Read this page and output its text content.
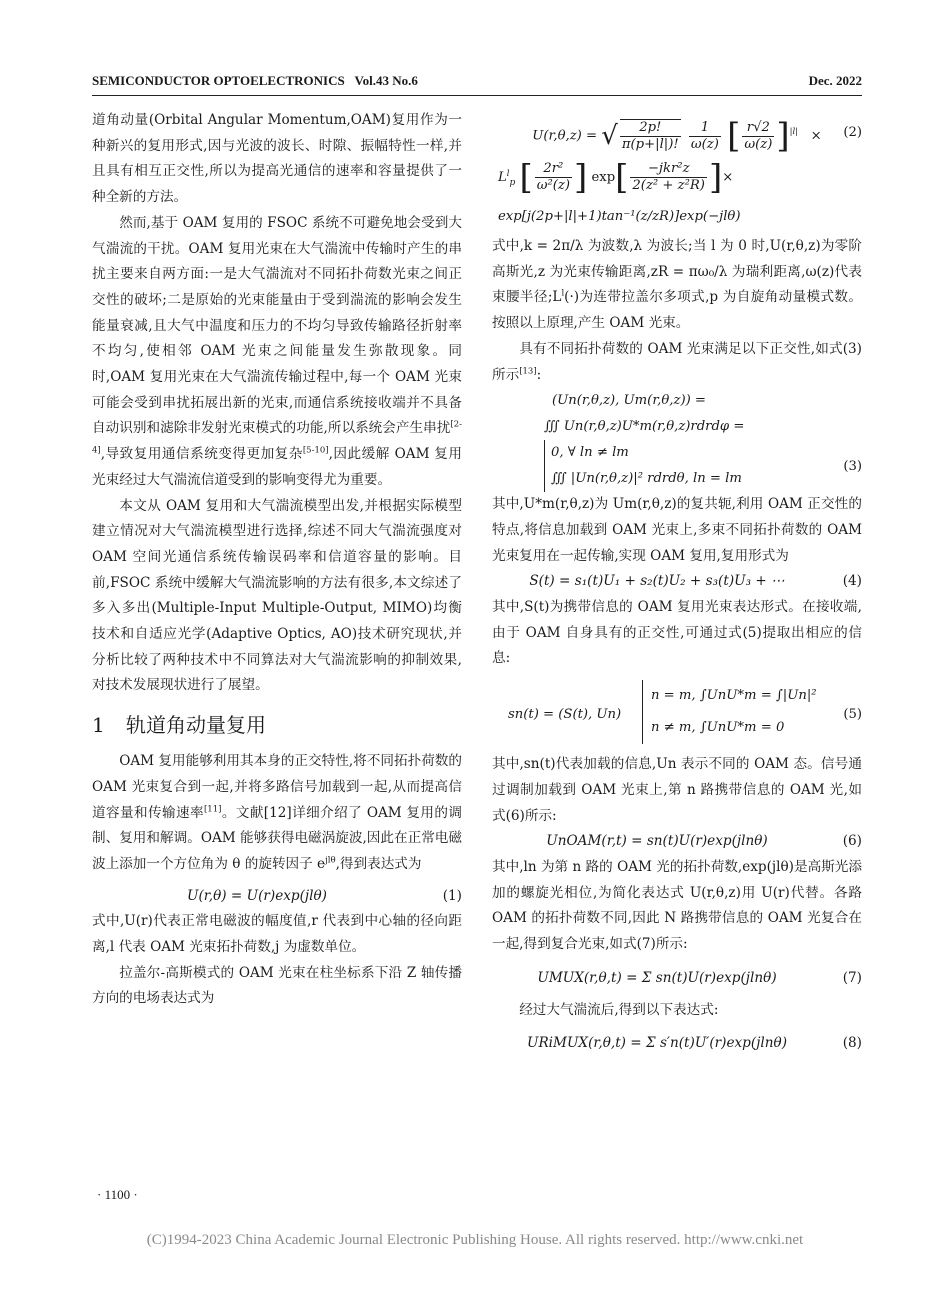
SEMICONDUCTOR OPTOELECTRONICS Vol.43 No.6	Dec. 2022

道角动量(Orbital Angular Momentum,OAM)复用作为一种新兴的复用形式,因与光波的波长、时隙、振幅特性一样,并且具有相互正交性,所以为提高光通信的速率和容量提供了一种全新的方法。

然而,基于 OAM 复用的 FSOC 系统不可避免地会受到大气湍流的干扰。OAM 复用光束在大气湍流中传输时产生的串扰主要来自两方面:一是大气湍流对不同拓扑荷数光束之间正交性的破坏;二是原始的光束能量由于受到湍流的影响会发生能量衰减,且大气中温度和压力的不均匀导致传输路径折射率不均匀,使相邻 OAM 光束之间能量发生弥散现象。同时,OAM 复用光束在大气湍流传输过程中,每一个 OAM 光束可能会受到串扰拓展出新的光束,而通信系统接收端并不具备自动识别和滤除非发射光束模式的功能,所以系统会产生串扰[2-4],导致复用通信系统变得更加复杂[5-10],因此缓解 OAM 复用光束经过大气湍流信道受到的影响变得尤为重要。

本文从 OAM 复用和大气湍流模型出发,并根据实际模型建立情况对大气湍流模型进行选择,综述不同大气湍流强度对 OAM 空间光通信系统传输误码率和信道容量的影响。目前,FSOC 系统中缓解大气湍流影响的方法有很多,本文综述了多入多出(Multiple-Input Multiple-Output, MIMO)均衡技术和自适应光学(Adaptive Optics, AO)技术研究现状,并分析比较了两种技术中不同算法对大气湍流影响的抑制效果,对技术发展现状进行了展望。

1 轨道角动量复用

OAM 复用能够利用其本身的正交特性,将不同拓扑荷数的 OAM 光束复合到一起,并将多路信号加载到一起,从而提高信道容量和传输速率[11]。文献[12]详细介绍了 OAM 复用的调制、复用和解调。OAM 能够获得电磁涡旋波,因此在正常电磁波上添加一个方位角为 θ 的旋转因子 $e^{jl\theta}$,得到表达式为

U(r,θ) = U(r)exp(jlθ)	(1)

式中,U(r)代表正常电磁波的幅度值,r 代表到中心轴的径向距离,l 代表 OAM 光束拓扑荷数,j 为虚数单位。

拉盖尔-高斯模式的 OAM 光束在柱坐标系下沿 Z 轴传播方向的电场表达式为

U(r,θ,z) = √ $\frac{2p!}{\pi(p+|l|)!}$
$\frac{1}{\omega(z)}$ [ $\frac{r√2}{\omega(z)} ]^{|l|}$ ×
$L^l_p$ [ $\frac{\text{2r²}}{\text{ω²(z)}}$ ] $\exp[ \frac{\text{−jkr²z}}{\text{2(z² + z²R)}}$ ]×
exp[j(2p+|l|+1)tan⁻¹(z/zR)]exp(−jlθ)
(2)

式中,k = 2π/λ 为波数,λ 为波长;当 l 为 0 时,U(r,θ,z)为零阶高斯光,z 为光束传输距离,zR = πω₀/λ 为瑞利距离,ω(z)代表束腰半径$;L^l(\cdot)$为连带拉盖尔多项式,p 为自旋角动量模式数。按照以上原理,产生 OAM 光束。

具有不同拓扑荷数的 OAM 光束满足以下正交性,如式(3)所示[13]:

(Un(r,θ,z), Um(r,θ,z)) =
∭ Un(r,θ,z)U*m(r,θ,z)rdrdφ =
0, ∀ ln ≠ lm
∭ |Un(r,θ,z)|² rdrdθ, ln = lm
(3)

其中,U*m(r,θ,z)为 Um(r,θ,z)的复共轭,利用 OAM 正交性的特点,将信息加载到 OAM 光束上,多束不同拓扑荷数的 OAM 光束复用在一起传输,实现 OAM 复用,复用形式为

S(t) = s₁(t)U₁ + s₂(t)U₂ + s₃(t)U₃ + ⋯	(4)

其中,S(t)为携带信息的 OAM 复用光束表达形式。在接收端,由于 OAM 自身具有的正交性,可通过式(5)提取出相应的信息:

sn(t) = (S(t), Un)
n = m, ∫UnU*m = ∫|Un|²
n ≠ m, ∫UnU*m = 0
(5)

其中,sn(t)代表加载的信息,Un 表示不同的 OAM 态。信号通过调制加载到 OAM 光束上,第 n 路携带信息的 OAM 光,如式(6)所示:

UnOAM(r,t) = sn(t)U(r)exp(jlnθ)	(6)

其中,ln 为第 n 路的 OAM 光的拓扑荷数,exp(jlθ)是高斯光添加的螺旋光相位,为简化表达式 U(r,θ,z)用 U(r)代替。各路 OAM 的拓扑荷数不同,因此 N 路携带信息的 OAM 光复合在一起,得到复合光束,如式(7)所示:

UMUX(r,θ,t) = Σ sn(t)U(r)exp(jlnθ)	(7)

经过大气湍流后,得到以下表达式:

URiMUX(r,θ,t) = Σ s′n(t)U′(r)exp(jlnθ)	(8)
· 1100 ·
(C)1994-2023 China Academic Journal Electronic Publishing House. All rights reserved. http://www.cnki.net
